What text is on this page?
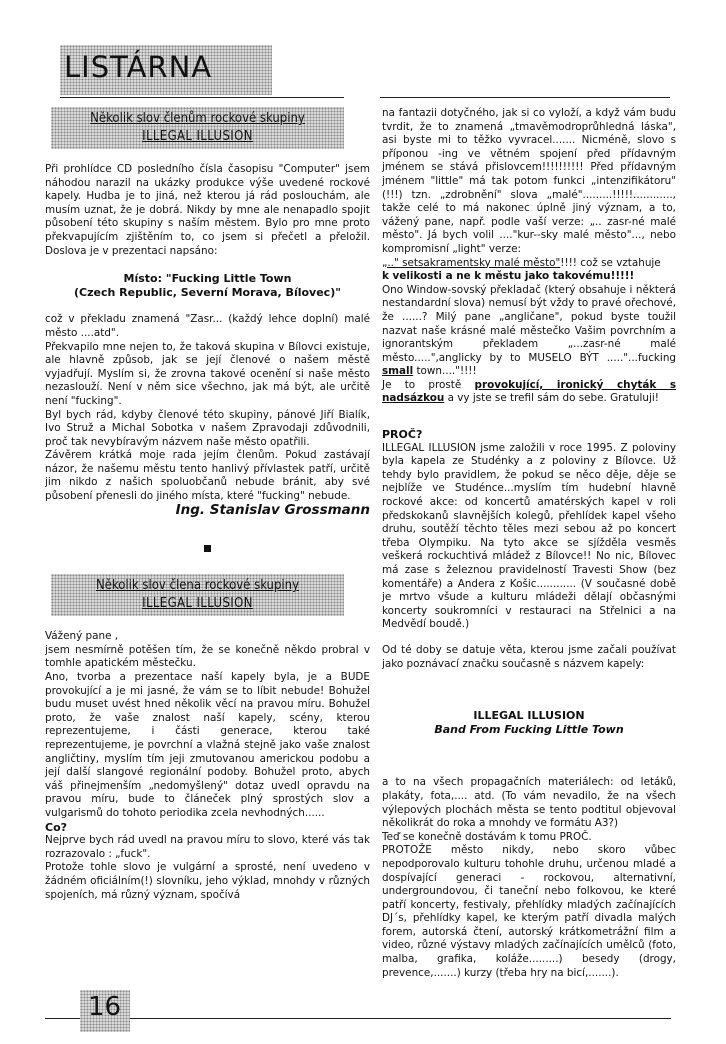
LISTÁRNA
Několik slov členům rockové skupiny
ILLEGAL ILLUSION

Při prohlídce CD posledního čísla časopisu "Computer" jsem náhodou narazil na ukázky produkce výše uvedené rockové kapely. Hudba je to jiná, než kterou já rád poslouchám, ale musím uznat, že je dobrá. Nikdy by mne ale nenapadlo spojit působení této skupiny s naším městem. Bylo pro mne proto překvapujícím zjištěním to, co jsem si přečetl a přeložil. Doslova je v prezentaci napsáno:

Místo: "Fucking Little Town

(Czech Republic, Severní Morava, Bílovec)"

což v překladu znamená "Zasr... (každý lehce doplní) malé město ....atd".

Překvapilo mne nejen to, že taková skupina v Bílovci existuje, ale hlavně způsob, jak se její členové o našem městě vyjadřují. Myslím si, že zrovna takové ocenění si naše město nezaslouží. Není v něm sice všechno, jak má být, ale určitě není "fucking".

Byl bych rád, kdyby členové této skupiny, pánové Jiří Bialík, Ivo Struž a Michal Sobotka v našem Zpravodaji zdůvodnili, proč tak nevybíravým názvem naše město opatřili.

Závěrem krátká moje rada jejím členům. Pokud zastávají názor, že našemu městu tento hanlivý přívlastek patří, určitě jim nikdo z našich spoluobčanů nebude bránit, aby své působení přenesli do jiného místa, které "fucking" nebude.

Ing. Stanislav Grossmann

Několik slov člena rockové skupiny
ILLEGAL ILLUSION

Vážený pane ,

jsem nesmírně potěšen tím, že se konečně někdo probral v tomhle apatickém městečku.

Ano, tvorba a prezentace naší kapely byla, je a BUDE provokující a je mi jasné, že vám se to líbit nebude! Bohužel budu muset uvést hned několik věcí na pravou míru. Bohužel proto, že vaše znalost naší kapely, scény, kterou reprezentujeme, i části generace, kterou také reprezentujeme, je povrchní a vlažná stejně jako vaše znalost angličtiny, myslím tím jeji zmutovanou americkou podobu a její další slangové regionální podoby. Bohužel proto, abych váš přinejmenším „nedomyšlený" dotaz uvedl opravdu na pravou míru, bude to článeček plný sprostých slov a vulgarismů do tohoto periodika zcela nevhodných......

Co?

Nejprve bych rád uvedl na pravou míru to slovo, které vás tak rozrazovalo : „fuck".

Protože tohle slovo je vulgární a sprosté, není uvedeno v žádném oficiálním(!) slovníku, jeho výklad, mnohdy v různých spojeních, má různý význam, spočívá

na fantazii dotyčného, jak si co vyloží, a když vám budu tvrdit, že to znamená „tmavěmodroprůhledná láska", asi byste mi to těžko vyvracel....... Nicméně, slovo s příponou -ing ve větném spojení před přídavným jménem se stává přislovcem!!!!!!!!!! Před přídavným jménem "little" má tak potom funkci „intenzifikátoru"(!!!) tzn. „zdrobnění" slova „malé".........!!!!!............, takže celé to má nakonec úplně jiný význam, a to, vážený pane, např. podle vaší verze: „.. zasr-né malé město". Já bych volil ...."kur--sky malé město"..., nebo kompromisní „light" verze:

„.." setsakramentsky malé město"!!!! což se vztahuje

k velikosti a ne k městu jako takovému!!!!!

Ono Window-sovský překladač (který obsahuje i některá nestandardní slova) nemusí být vždy to pravé ořechové, že ......? Milý pane „angličane", pokud byste toužil nazvat naše krásné malé městečko Vašim povrchním a ignorantským překladem „...zasr-né malé město.....",anglicky by to MUSELO BÝT ....."...fucking small town...."!!!!

Je to prostě provokující, ironický chyták s nadsázkou a vy jste se trefil sám do sebe. Gratuluji!

PROČ?

ILLEGAL ILLUSION jsme založili v roce 1995. Z poloviny byla kapela ze Studénky a z poloviny z Bílovce. Už tehdy bylo pravidlem, že pokud se něco děje, děje se nejblíže ve Studénce...myslím tím hudební hlavně rockové akce: od koncertů amatérských kapel v roli předskokanů slavnějších kolegů, přehlídek kapel všeho druhu, soutěží těchto těles mezi sebou až po koncert třeba Olympiku. Na tyto akce se sjížděla vesměs veškerá rockuchtivá mládež z Bílovce!! No nic, Bílovec má zase s železnou pravidelností Travesti Show (bez komentáře) a Andera z Košic............ (V současné době je mrtvo všude a kulturu mládeži dělají občasnými koncerty soukromníci v restauraci na Střelnici a na Medvědí boudě.)

Od té doby se datuje věta, kterou jsme začali používat jako poznávací značku současně s názvem kapely:

ILLEGAL ILLUSION

Band From Fucking Little Town

a to na všech propagačních materiálech: od letáků, plakáty, fota,.... atd. (To vám nevadilo, že na všech výlepových plochách města se tento podtitul objevoval několikrát do roka a mnohdy ve formátu A3?)

Teď se konečně dostávám k tomu PROČ.

PROTOŽE město nikdy, nebo skoro vůbec nepodporovalo kulturu tohohle druhu, určenou mladé a dospívající generaci - rockovou, alternativní, undergroundovou, či taneční nebo folkovou, ke které patří koncerty, festivaly, přehlídky mladých začínajících DJ´s, přehlídky kapel, ke kterým patří divadla malých forem, autorská čtení, autorský krátkometrážní film a video, různé výstavy mladých začínajících umělců (foto, malba, grafika, koláže.........) besedy (drogy, prevence,.......) kurzy (třeba hry na bicí,.......).

16
